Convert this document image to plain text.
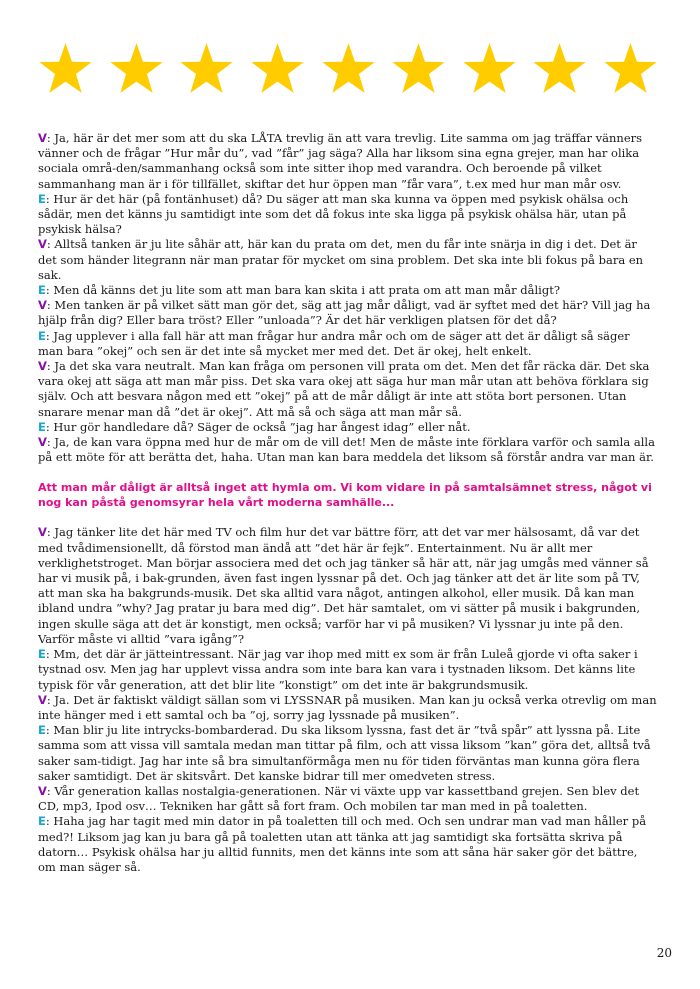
V: Ja, här är det mer som att du ska LÅTA trevlig än att vara trevlig. Lite samma om jag träffar vänners vänner och de frågar ”Hur mår du”, vad ”får” jag säga? Alla har liksom sina egna grejer, man har olika sociala områ-den/sammanhang också som inte sitter ihop med varandra. Och beroende på vilket sammanhang man är i för tillfället, skiftar det hur öppen man ”får vara”, t.ex med hur man mår osv.

E: Hur är det här (på fontänhuset) då? Du säger att man ska kunna va öppen med psykisk ohälsa och sådär, men det känns ju samtidigt inte som det då fokus inte ska ligga på psykisk ohälsa här, utan på psykisk hälsa?

V: Alltså tanken är ju lite såhär att, här kan du prata om det, men du får inte snärja in dig i det. Det är det som händer litegrann när man pratar för mycket om sina problem. Det ska inte bli fokus på bara en sak.

E: Men då känns det ju lite som att man bara kan skita i att prata om att man mår dåligt?

V: Men tanken är på vilket sätt man gör det, säg att jag mår dåligt, vad är syftet med det här? Vill jag ha hjälp från dig? Eller bara tröst? Eller ”unloada”? Är det här verkligen platsen för det då?

E: Jag upplever i alla fall här att man frågar hur andra mår och om de säger att det är dåligt så säger man bara ”okej” och sen är det inte så mycket mer med det. Det är okej, helt enkelt.

V: Ja det ska vara neutralt. Man kan fråga om personen vill prata om det. Men det får räcka där. Det ska vara okej att säga att man mår piss. Det ska vara okej att säga hur man mår utan att behöva förklara sig själv. Och att besvara någon med ett ”okej” på att de mår dåligt är inte att stöta bort personen. Utan snarare menar man då ”det är okej”. Att må så och säga att man mår så.

E: Hur gör handledare då? Säger de också ”jag har ångest idag” eller nåt.

V: Ja, de kan vara öppna med hur de mår om de vill det! Men de måste inte förklara varför och samla alla på ett möte för att berätta det, haha. Utan man kan bara meddela det liksom så förstår andra var man är.

Att man mår dåligt är alltså inget att hymla om. Vi kom vidare in på samtalsämnet stress, något vi nog kan påstå genomsyrar hela vårt moderna samhälle...

V: Jag tänker lite det här med TV och film hur det var bättre förr, att det var mer hälsosamt, då var det med tvådimensionellt, då förstod man ändå att ”det här är fejk”. Entertainment. Nu är allt mer verklighetstroget. Man börjar associera med det och jag tänker så här att, när jag umgås med vänner så har vi musik på, i bak-grunden, även fast ingen lyssnar på det. Och jag tänker att det är lite som på TV, att man ska ha bakgrunds-musik. Det ska alltid vara något, antingen alkohol, eller musik. Då kan man ibland undra ”why? Jag pratar ju bara med dig”. Det här samtalet, om vi sätter på musik i bakgrunden, ingen skulle säga att det är konstigt, men också; varför har vi på musiken? Vi lyssnar ju inte på den. Varför måste vi alltid ”vara igång”?

E: Mm, det där är jätteintressant. När jag var ihop med mitt ex som är från Luleå gjorde vi ofta saker i tystnad osv. Men jag har upplevt vissa andra som inte bara kan vara i tystnaden liksom. Det känns lite typisk för vår generation, att det blir lite ”konstigt” om det inte är bakgrundsmusik.

V: Ja. Det är faktiskt väldigt sällan som vi LYSSNAR på musiken. Man kan ju också verka otrevlig om man inte hänger med i ett samtal och ba ”oj, sorry jag lyssnade på musiken”.

E: Man blir ju lite intrycks-bombarderad. Du ska liksom lyssna, fast det är ”två spår” att lyssna på. Lite samma som att vissa vill samtala medan man tittar på film, och att vissa liksom ”kan” göra det, alltså två saker sam-tidigt. Jag har inte så bra simultanförmåga men nu för tiden förväntas man kunna göra flera saker samtidigt. Det är skitsvårt. Det kanske bidrar till mer omedveten stress.

V: Vår generation kallas nostalgia-generationen. När vi växte upp var kassettband grejen. Sen blev det CD, mp3, Ipod osv… Tekniken har gått så fort fram. Och mobilen tar man med in på toaletten.

E: Haha jag har tagit med min dator in på toaletten till och med. Och sen undrar man vad man håller på med?! Liksom jag kan ju bara gå på toaletten utan att tänka att jag samtidigt ska fortsätta skriva på datorn… Psykisk ohälsa har ju alltid funnits, men det känns inte som att såna här saker gör det bättre, om man säger så.

20
